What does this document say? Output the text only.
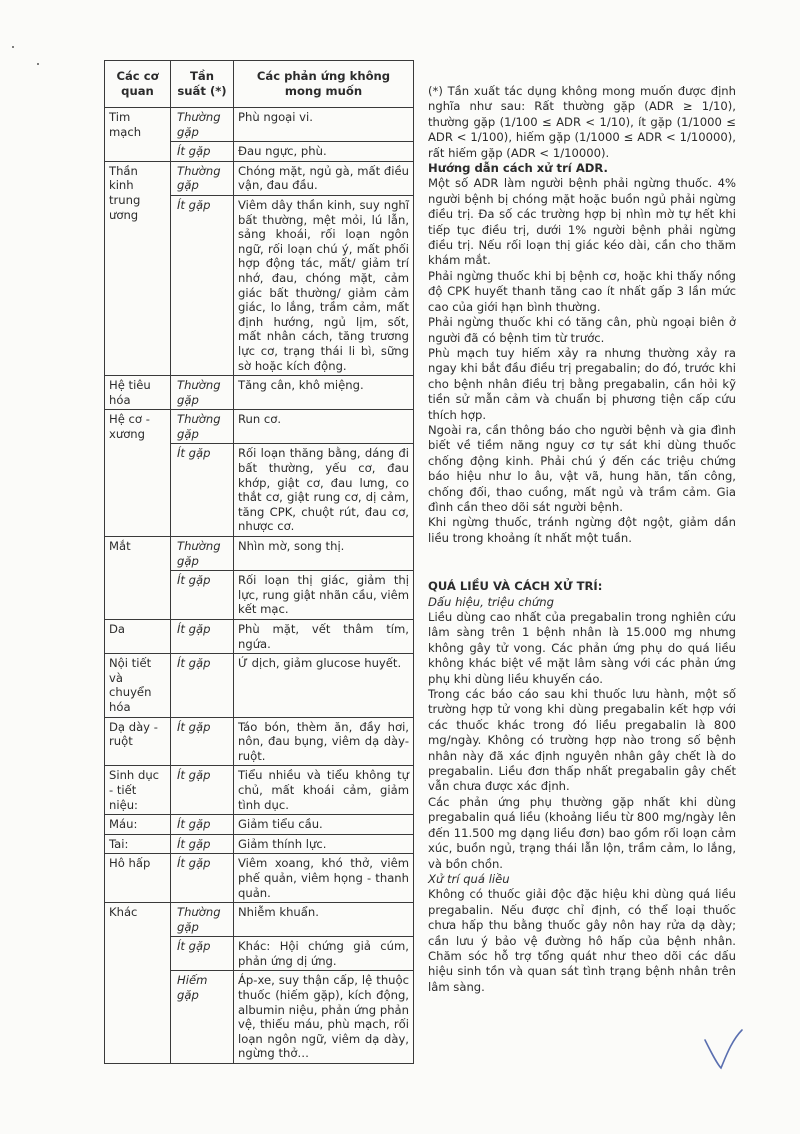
Các cơ quan	Tần suất (*)	Các phản ứng không mong muốn
Tim mạch	Thường gặp	Phù ngoại vi.
	Ít gặp	Đau ngực, phù.
Thần kinh trung ương	Thường gặp	Chóng mặt, ngủ gà, mất điều vận, đau đầu.
	Ít gặp	Viêm dây thần kinh, suy nghĩ bất thường, mệt mỏi, lú lẫn, sảng khoái, rối loạn ngôn ngữ, rối loạn chú ý, mất phối hợp động tác, mất/ giảm trí nhớ, đau, chóng mặt, cảm giác bất thường/ giảm cảm giác, lo lắng, trầm cảm, mất định hướng, ngủ lịm, sốt, mất nhân cách, tăng trương lực cơ, trạng thái li bì, sững sờ hoặc kích động.
Hệ tiêu hóa	Thường gặp	Tăng cân, khô miệng.
Hệ cơ - xương	Thường gặp	Run cơ.
	Ít gặp	Rối loạn thăng bằng, dáng đi bất thường, yếu cơ, đau khớp, giật cơ, đau lưng, co thắt cơ, giật rung cơ, dị cảm, tăng CPK, chuột rút, đau cơ, nhược cơ.
Mắt	Thường gặp	Nhìn mờ, song thị.
	Ít gặp	Rối loạn thị giác, giảm thị lực, rung giật nhãn cầu, viêm kết mạc.
Da	Ít gặp	Phù mặt, vết thâm tím, ngứa.
Nội tiết và chuyển hóa	Ít gặp	Ứ dịch, giảm glucose huyết.
Dạ dày - ruột	Ít gặp	Táo bón, thèm ăn, đầy hơi, nôn, đau bụng, viêm dạ dày-ruột.
Sinh dục - tiết niệu:	Ít gặp	Tiểu nhiều và tiểu không tự chủ, mất khoái cảm, giảm tình dục.
Máu:	Ít gặp	Giảm tiểu cầu.
Tai:	Ít gặp	Giảm thính lực.
Hô hấp	Ít gặp	Viêm xoang, khó thở, viêm phế quản, viêm họng - thanh quản.
Khác	Thường gặp	Nhiễm khuẩn.
	Ít gặp	Khác: Hội chứng giả cúm, phản ứng dị ứng.
	Hiếm gặp	Áp-xe, suy thận cấp, lệ thuộc thuốc (hiếm gặp), kích động, albumin niệu, phản ứng phản vệ, thiếu máu, phù mạch, rối loạn ngôn ngữ, viêm dạ dày, ngừng thở…

(*) Tần xuất tác dụng không mong muốn được định nghĩa như sau: Rất thường gặp (ADR ≥ 1/10), thường gặp (1/100 ≤ ADR < 1/10), ít gặp (1/1000 ≤ ADR < 1/100), hiếm gặp (1/1000 ≤ ADR < 1/10000), rất hiếm gặp (ADR < 1/10000).

Hướng dẫn cách xử trí ADR.

Một số ADR làm người bệnh phải ngừng thuốc. 4% người bệnh bị chóng mặt hoặc buồn ngủ phải ngừng điều trị. Đa số các trường hợp bị nhìn mờ tự hết khi tiếp tục điều trị, dưới 1% người bệnh phải ngừng điều trị. Nếu rối loạn thị giác kéo dài, cần cho thăm khám mắt.

Phải ngừng thuốc khi bị bệnh cơ, hoặc khi thấy nồng độ CPK huyết thanh tăng cao ít nhất gấp 3 lần mức cao của giới hạn bình thường.

Phải ngừng thuốc khi có tăng cân, phù ngoại biên ở người đã có bệnh tim từ trước.

Phù mạch tuy hiếm xảy ra nhưng thường xảy ra ngay khi bắt đầu điều trị pregabalin; do đó, trước khi cho bệnh nhân điều trị bằng pregabalin, cần hỏi kỹ tiền sử mẫn cảm và chuẩn bị phương tiện cấp cứu thích hợp.

Ngoài ra, cần thông báo cho người bệnh và gia đình biết về tiềm năng nguy cơ tự sát khi dùng thuốc chống động kinh. Phải chú ý đến các triệu chứng báo hiệu như lo âu, vật vã, hung hăn, tấn công, chống đối, thao cuồng, mất ngủ và trầm cảm. Gia đình cần theo dõi sát người bệnh.

Khi ngừng thuốc, tránh ngừng đột ngột, giảm dần liều trong khoảng ít nhất một tuần.

QUÁ LIỀU VÀ CÁCH XỬ TRÍ:

Dấu hiệu, triệu chứng

Liều dùng cao nhất của pregabalin trong nghiên cứu lâm sàng trên 1 bệnh nhân là 15.000 mg nhưng không gây tử vong. Các phản ứng phụ do quá liều không khác biệt về mặt lâm sàng với các phản ứng phụ khi dùng liều khuyến cáo.

Trong các báo cáo sau khi thuốc lưu hành, một số trường hợp tử vong khi dùng pregabalin kết hợp với các thuốc khác trong đó liều pregabalin là 800 mg/ngày. Không có trường hợp nào trong số bệnh nhân này đã xác định nguyên nhân gây chết là do pregabalin. Liều đơn thấp nhất pregabalin gây chết vẫn chưa được xác định.

Các phản ứng phụ thường gặp nhất khi dùng pregabalin quá liều (khoảng liều từ 800 mg/ngày lên đến 11.500 mg dạng liều đơn) bao gồm rối loạn cảm xúc, buồn ngủ, trạng thái lẫn lộn, trầm cảm, lo lắng, và bồn chồn.

Xử trí quá liều

Không có thuốc giải độc đặc hiệu khi dùng quá liều pregabalin. Nếu được chỉ định, có thể loại thuốc chưa hấp thu bằng thuốc gây nôn hay rửa dạ dày; cần lưu ý bảo vệ đường hô hấp của bệnh nhân. Chăm sóc hỗ trợ tổng quát như theo dõi các dấu hiệu sinh tồn và quan sát tình trạng bệnh nhân trên lâm sàng.
